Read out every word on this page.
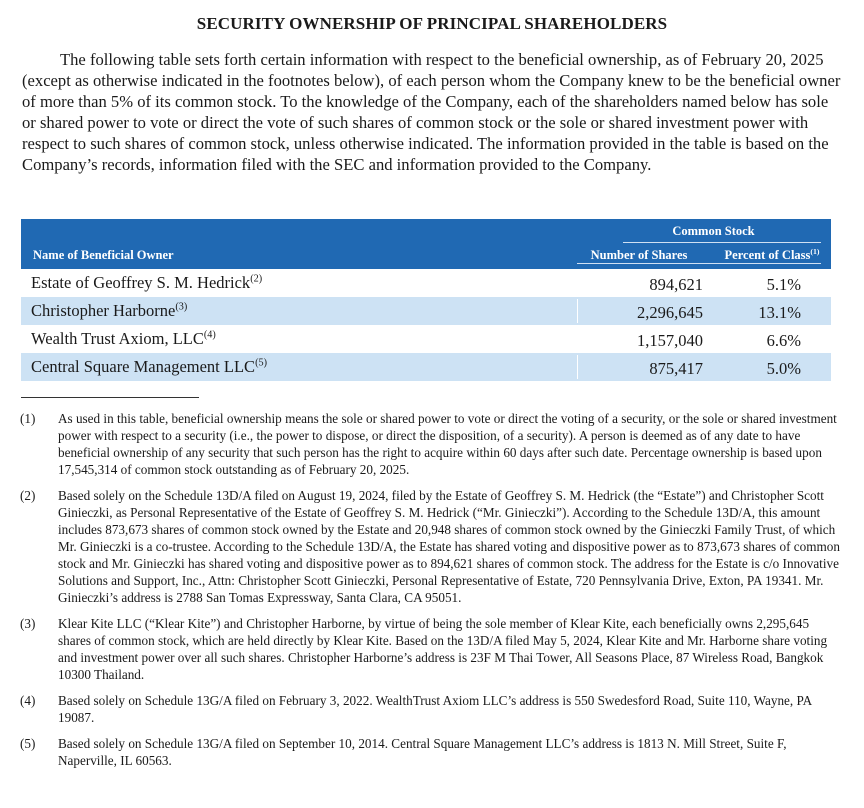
SECURITY OWNERSHIP OF PRINCIPAL SHAREHOLDERS

The following table sets forth certain information with respect to the beneficial ownership, as of February 20, 2025 (except as otherwise indicated in the footnotes below), of each person whom the Company knew to be the beneficial owner of more than 5% of its common stock. To the knowledge of the Company, each of the shareholders named below has sole or shared power to vote or direct the vote of such shares of common stock or the sole or shared investment power with respect to such shares of common stock, unless otherwise indicated. The information provided in the table is based on the Company’s records, information filed with the SEC and information provided to the Company.

Common Stock
Name of Beneficial Owner	Number of Shares	Percent of Class$^{(1)}$
Estate of Geoffrey S. M. Hedrick$^{(2)}$	894,621	5.1%
Christopher Harborne$^{(3)}$	2,296,645	13.1%
Wealth Trust Axiom, LLC$^{(4)}$	1,157,040	6.6%
Central Square Management LLC$^{(5)}$	875,417	5.0%
(1) As used in this table, beneficial ownership means the sole or shared power to vote or direct the voting of a security, or the sole or shared investment power with respect to a security (i.e., the power to dispose, or direct the disposition, of a security). A person is deemed as of any date to have beneficial ownership of any security that such person has the right to acquire within 60 days after such date. Percentage ownership is based upon 17,545,314 of common stock outstanding as of February 20, 2025.
(2) Based solely on the Schedule 13D/A filed on August 19, 2024, filed by the Estate of Geoffrey S. M. Hedrick (the “Estate”) and Christopher Scott Ginieczki, as Personal Representative of the Estate of Geoffrey S. M. Hedrick (“Mr. Ginieczki”). According to the Schedule 13D/A, this amount includes 873,673 shares of common stock owned by the Estate and 20,948 shares of common stock owned by the Ginieczki Family Trust, of which Mr. Ginieczki is a co-trustee. According to the Schedule 13D/A, the Estate has shared voting and dispositive power as to 873,673 shares of common stock and Mr. Ginieczki has shared voting and dispositive power as to 894,621 shares of common stock. The address for the Estate is c/o Innovative Solutions and Support, Inc., Attn: Christopher Scott Ginieczki, Personal Representative of Estate, 720 Pennsylvania Drive, Exton, PA 19341. Mr. Ginieczki’s address is 2788 San Tomas Expressway, Santa Clara, CA 95051.
(3) Klear Kite LLC (“Klear Kite”) and Christopher Harborne, by virtue of being the sole member of Klear Kite, each beneficially owns 2,295,645 shares of common stock, which are held directly by Klear Kite. Based on the 13D/A filed May 5, 2024, Klear Kite and Mr. Harborne share voting and investment power over all such shares. Christopher Harborne’s address is 23F M Thai Tower, All Seasons Place, 87 Wireless Road, Bangkok 10300 Thailand.
(4) Based solely on Schedule 13G/A filed on February 3, 2022. WealthTrust Axiom LLC’s address is 550 Swedesford Road, Suite 110, Wayne, PA 19087.
(5) Based solely on Schedule 13G/A filed on September 10, 2014. Central Square Management LLC’s address is 1813 N. Mill Street, Suite F, Naperville, IL 60563.
